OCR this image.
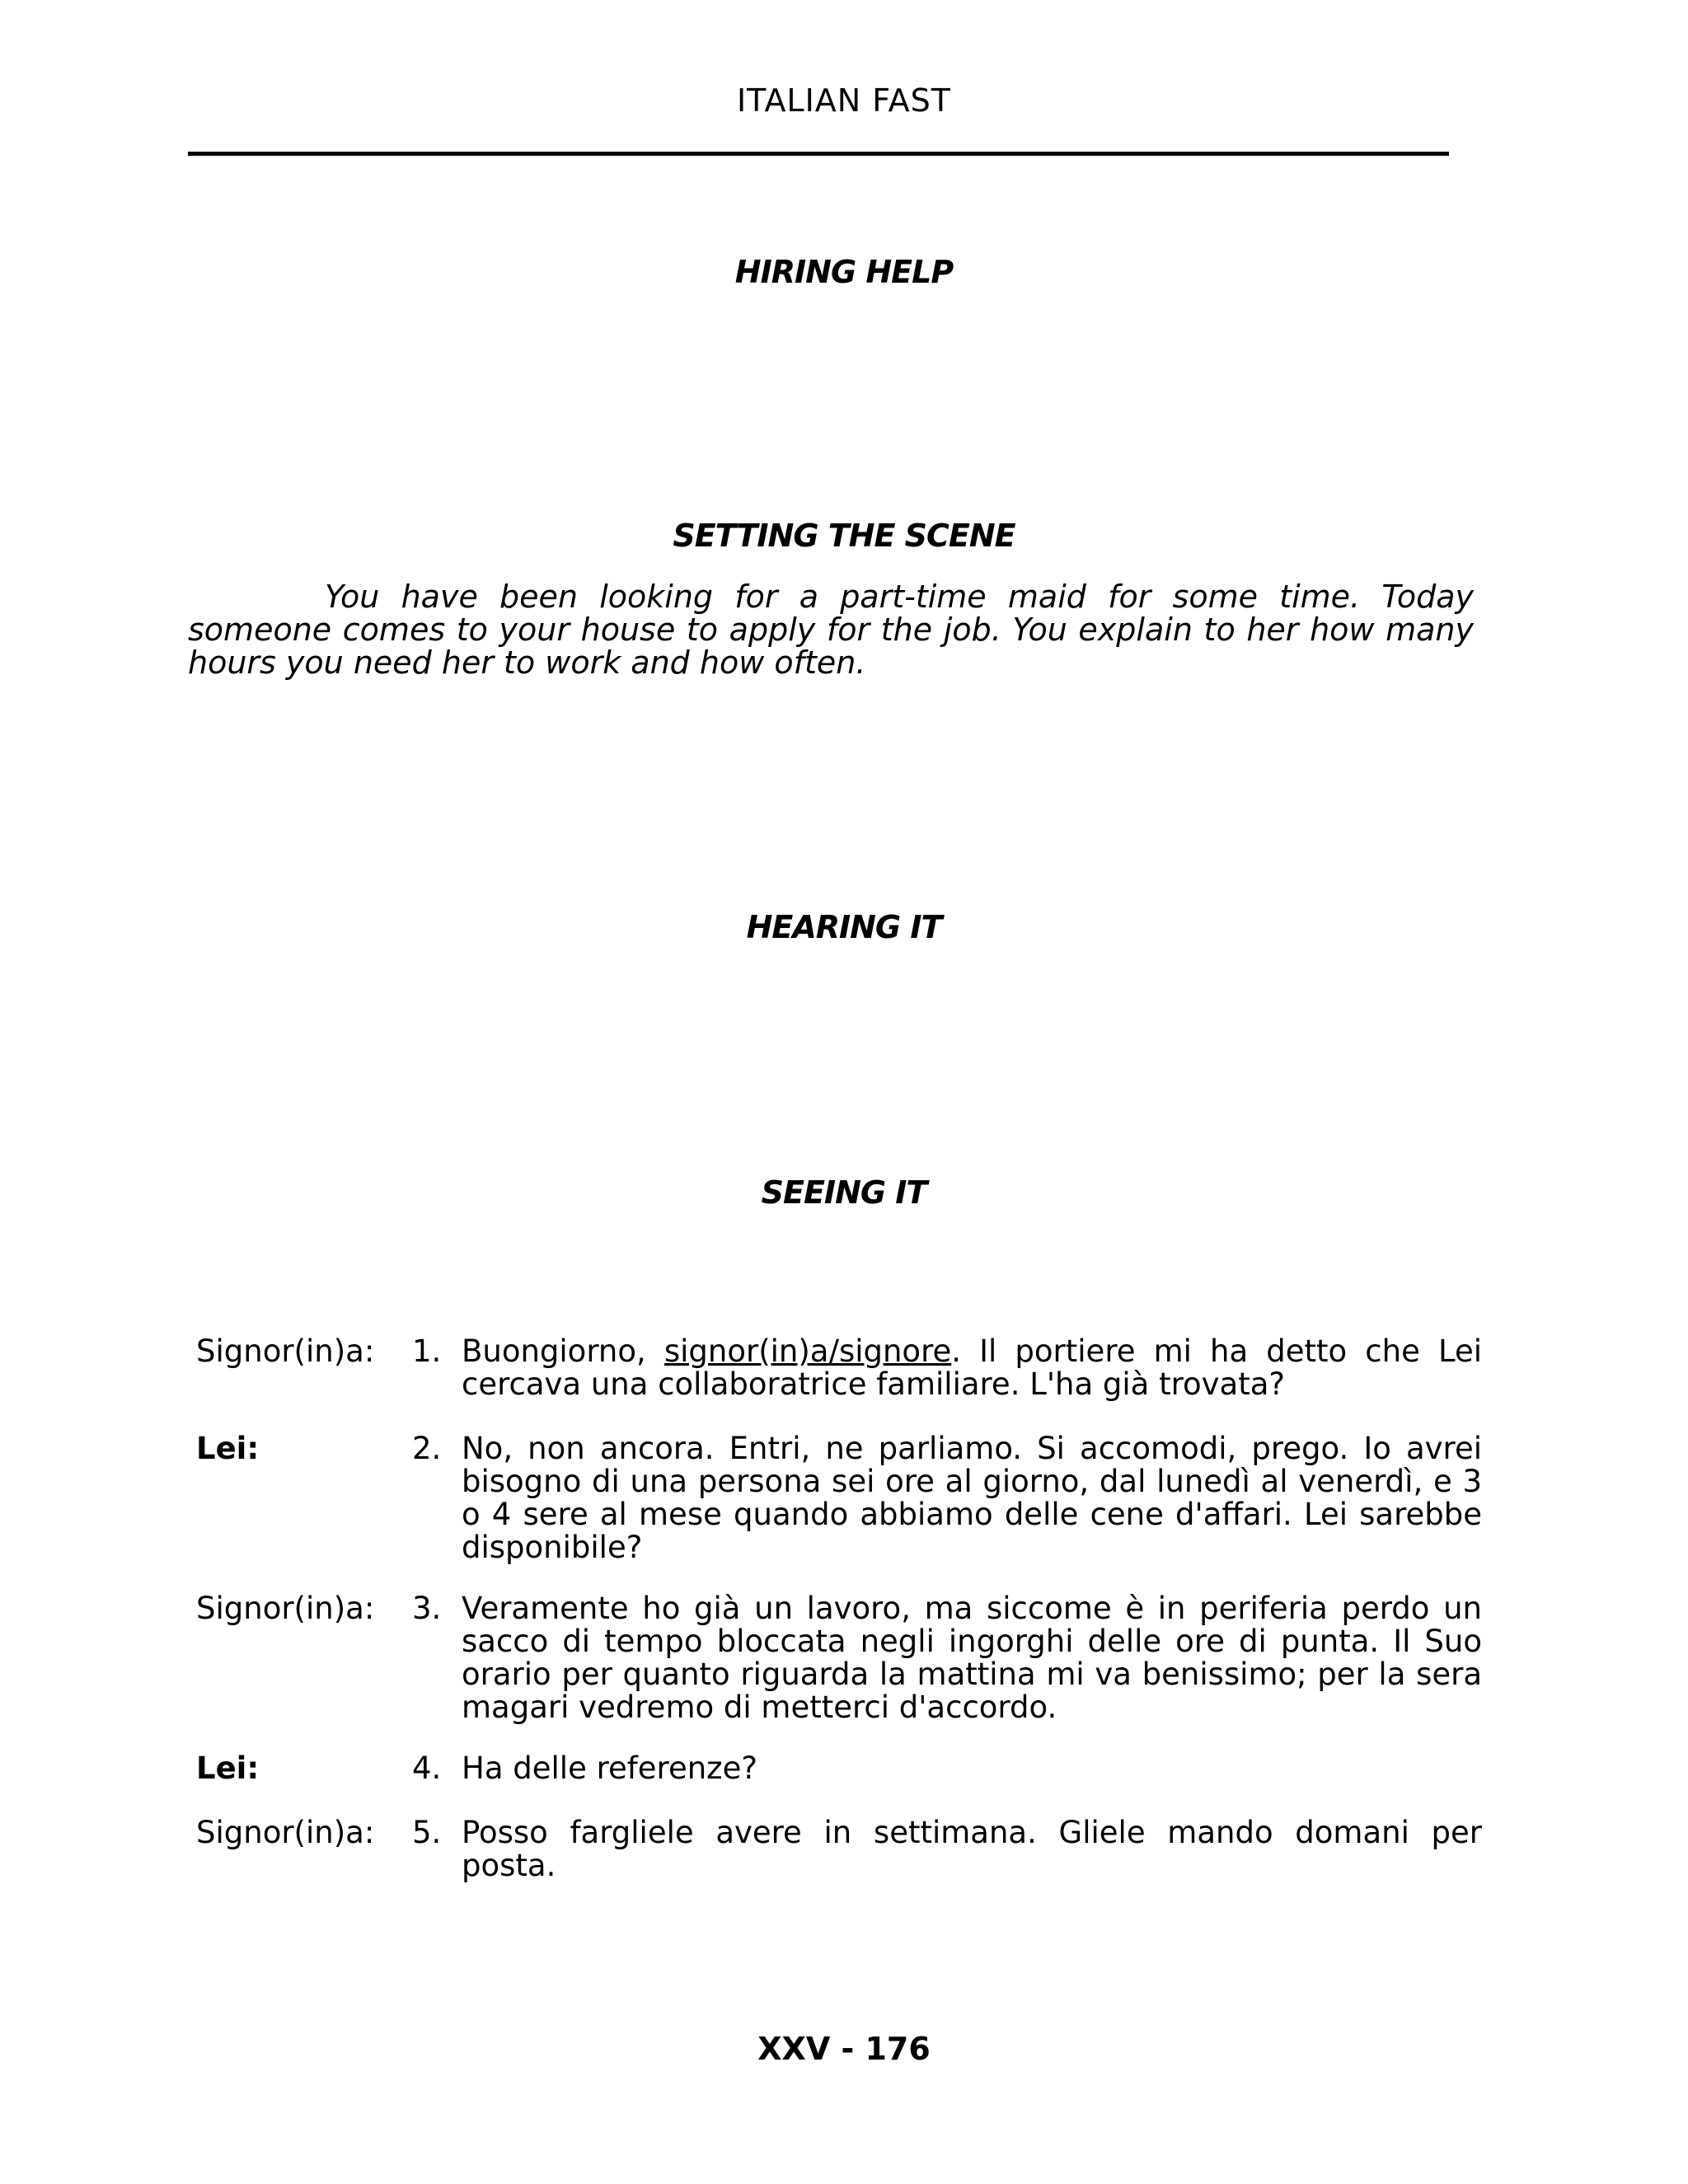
ITALIAN FAST
HIRING HELP
SETTING THE SCENE
You have been looking for a part-time maid for some time. Today someone comes to your house to apply for the job. You explain to her how many hours you need her to work and how often.
HEARING IT
SEEING IT
Signor(in)a: 1. Buongiorno, signor(in)a/signore. Il portiere mi ha detto che Lei cercava una collaboratrice familiare. L'ha già trovata?
Lei:	2. No, non ancora. Entri, ne parliamo. Si accomodi, prego. Io avrei bisogno di una persona sei ore al giorno, dal lunedì al venerdì, e 3 o 4 sere al mese quando abbiamo delle cene d'affari. Lei sarebbe disponibile?
Signor(in)a: 3. Veramente ho già un lavoro, ma siccome è in periferia perdo un sacco di tempo bloccata negli ingorghi delle ore di punta. Il Suo orario per quanto riguarda la mattina mi va benissimo; per la sera magari vedremo di metterci d'accordo.
Lei:	4. Ha delle referenze?
Signor(in)a: 5. Posso fargliele avere in settimana. Gliele mando domani per posta.
XXV - 176
